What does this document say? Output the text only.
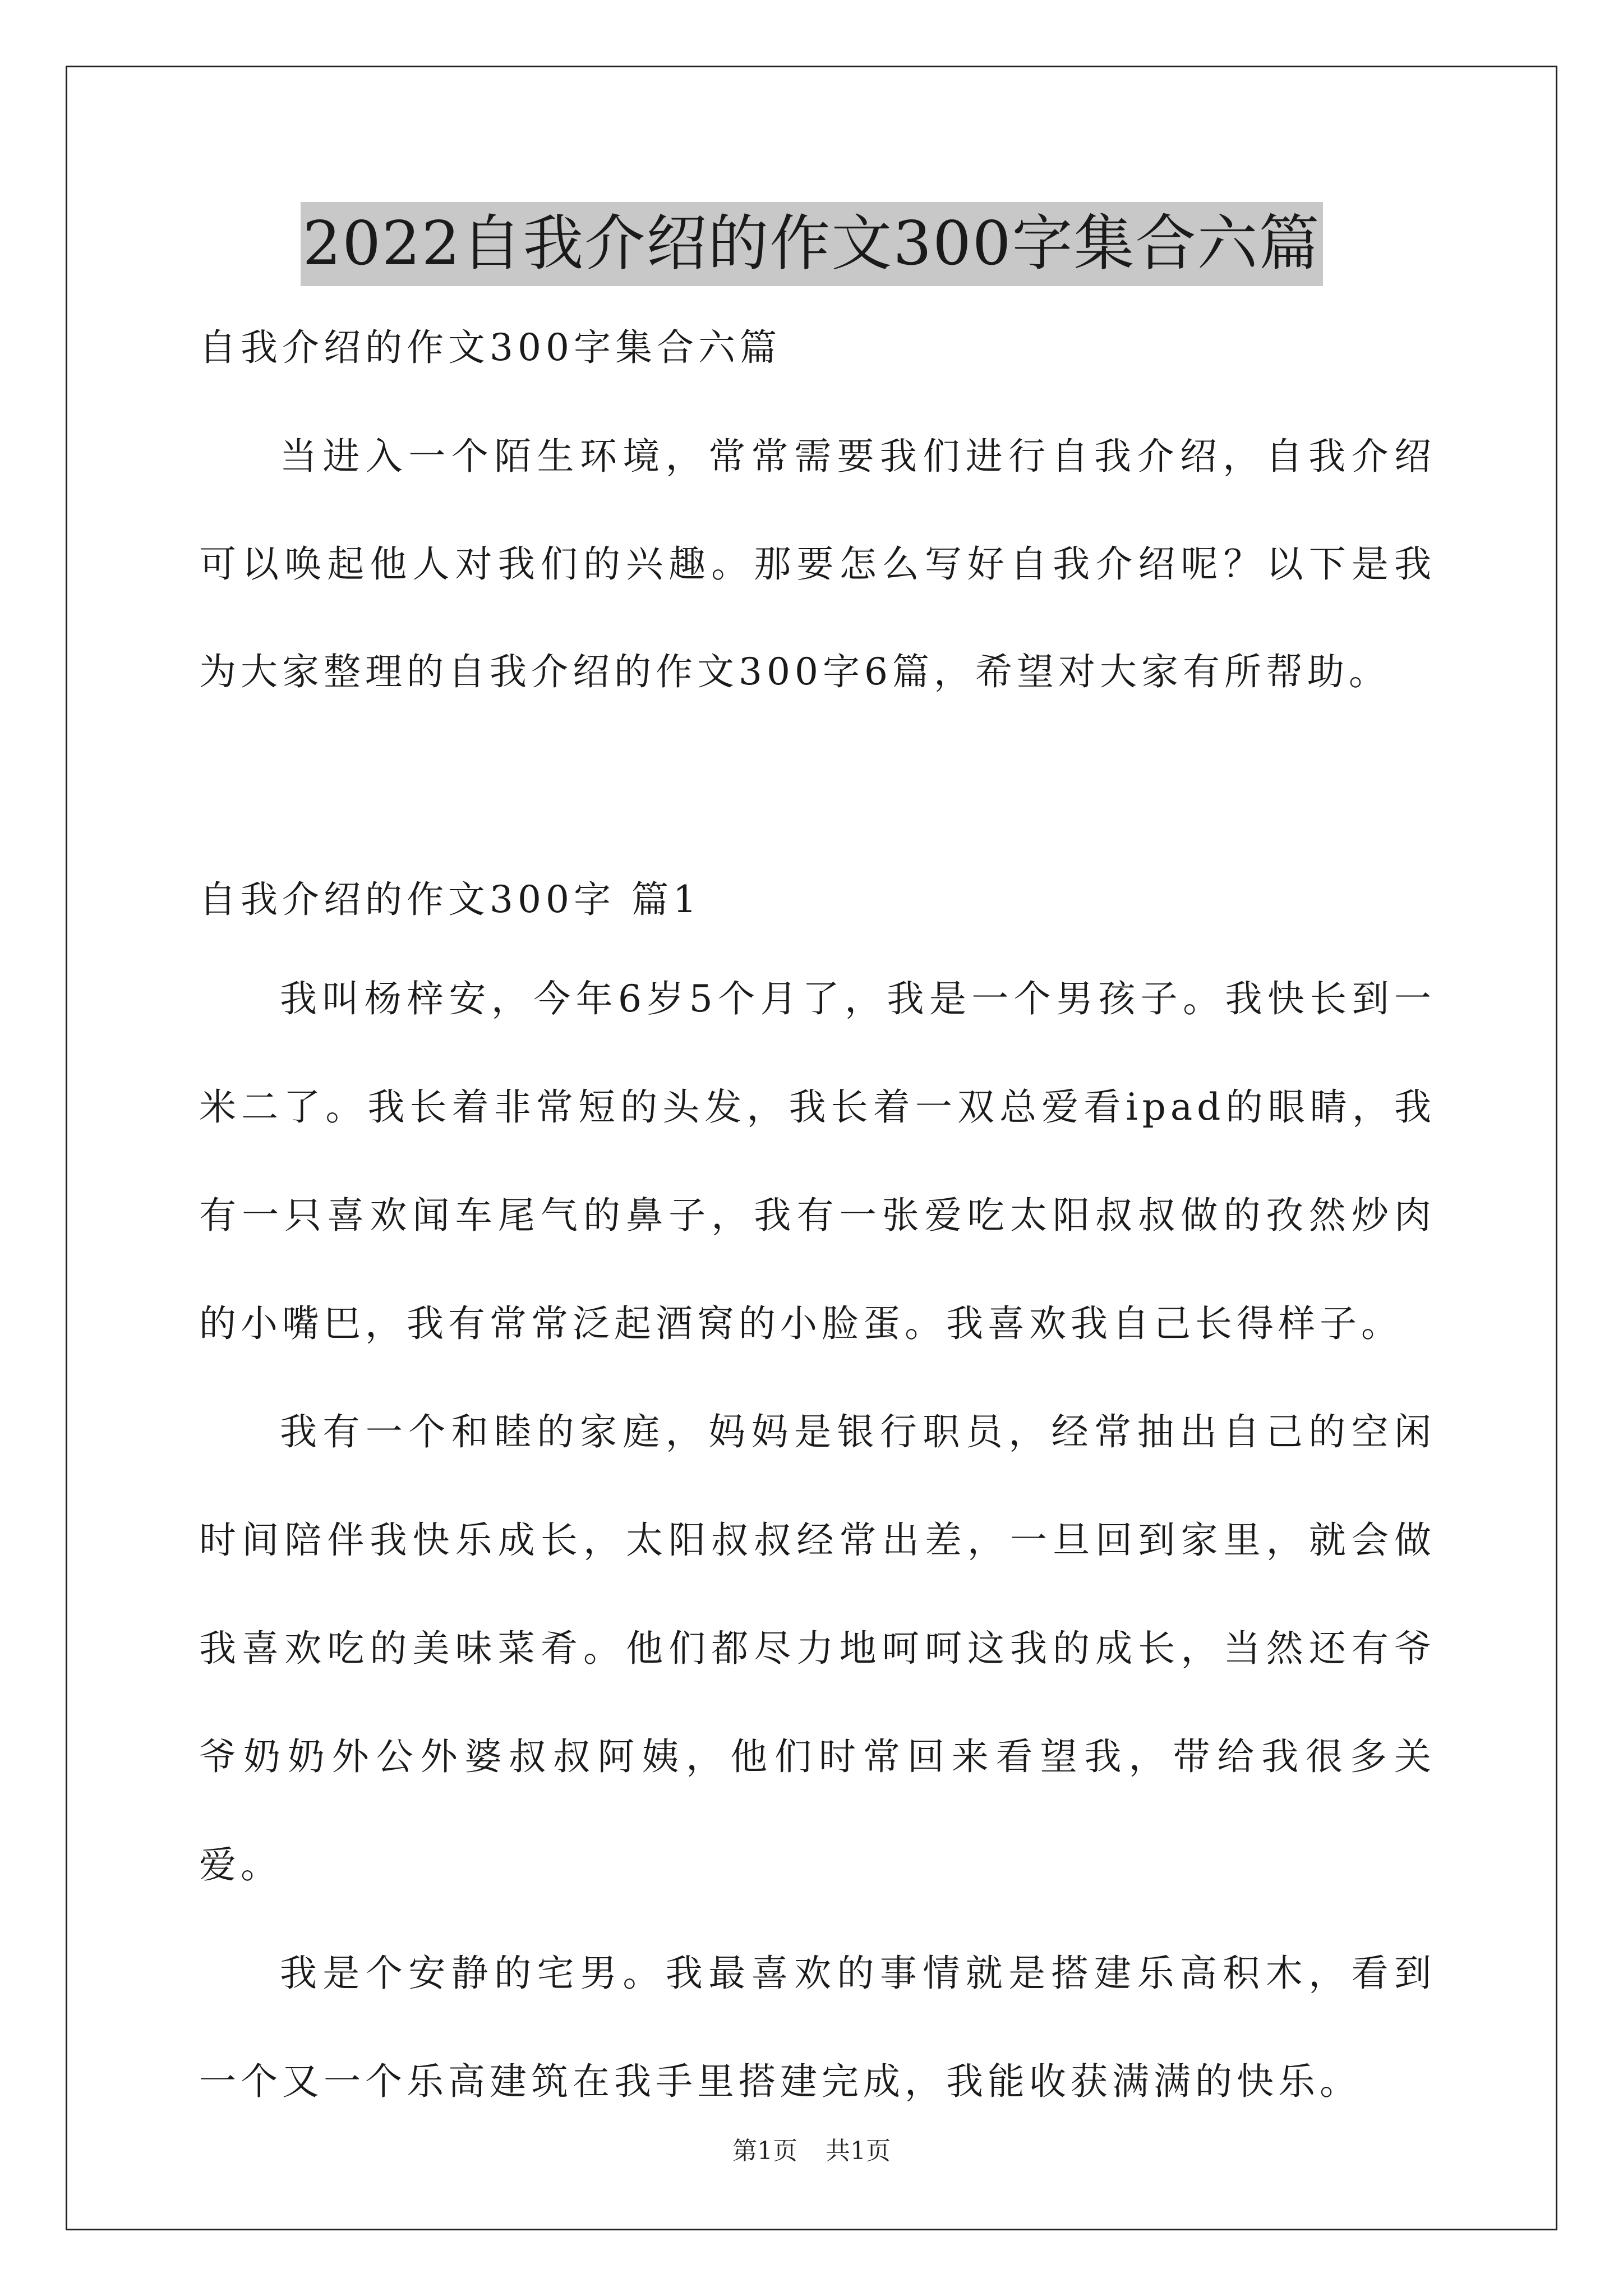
2022自我介绍的作文300字集合六篇

自我介绍的作文300字集合六篇

当进入一个陌生环境，常常需要我们进行自我介绍，自我介绍可以唤起他人对我们的兴趣。那要怎么写好自我介绍呢？以下是我为大家整理的自我介绍的作文300字6篇，希望对大家有所帮助。

自我介绍的作文300字 篇1

我叫杨梓安，今年6岁5个月了，我是一个男孩子。我快长到一米二了。我长着非常短的头发，我长着一双总爱看ipad的眼睛，我有一只喜欢闻车尾气的鼻子，我有一张爱吃太阳叔叔做的孜然炒肉的小嘴巴，我有常常泛起酒窝的小脸蛋。我喜欢我自己长得样子。

我有一个和睦的家庭，妈妈是银行职员，经常抽出自己的空闲时间陪伴我快乐成长，太阳叔叔经常出差，一旦回到家里，就会做我喜欢吃的美味菜肴。他们都尽力地呵呵这我的成长，当然还有爷爷奶奶外公外婆叔叔阿姨，他们时常回来看望我，带给我很多关爱。

我是个安静的宅男。我最喜欢的事情就是搭建乐高积木，看到一个又一个乐高建筑在我手里搭建完成，我能收获满满的快乐。

第1页 共1页
